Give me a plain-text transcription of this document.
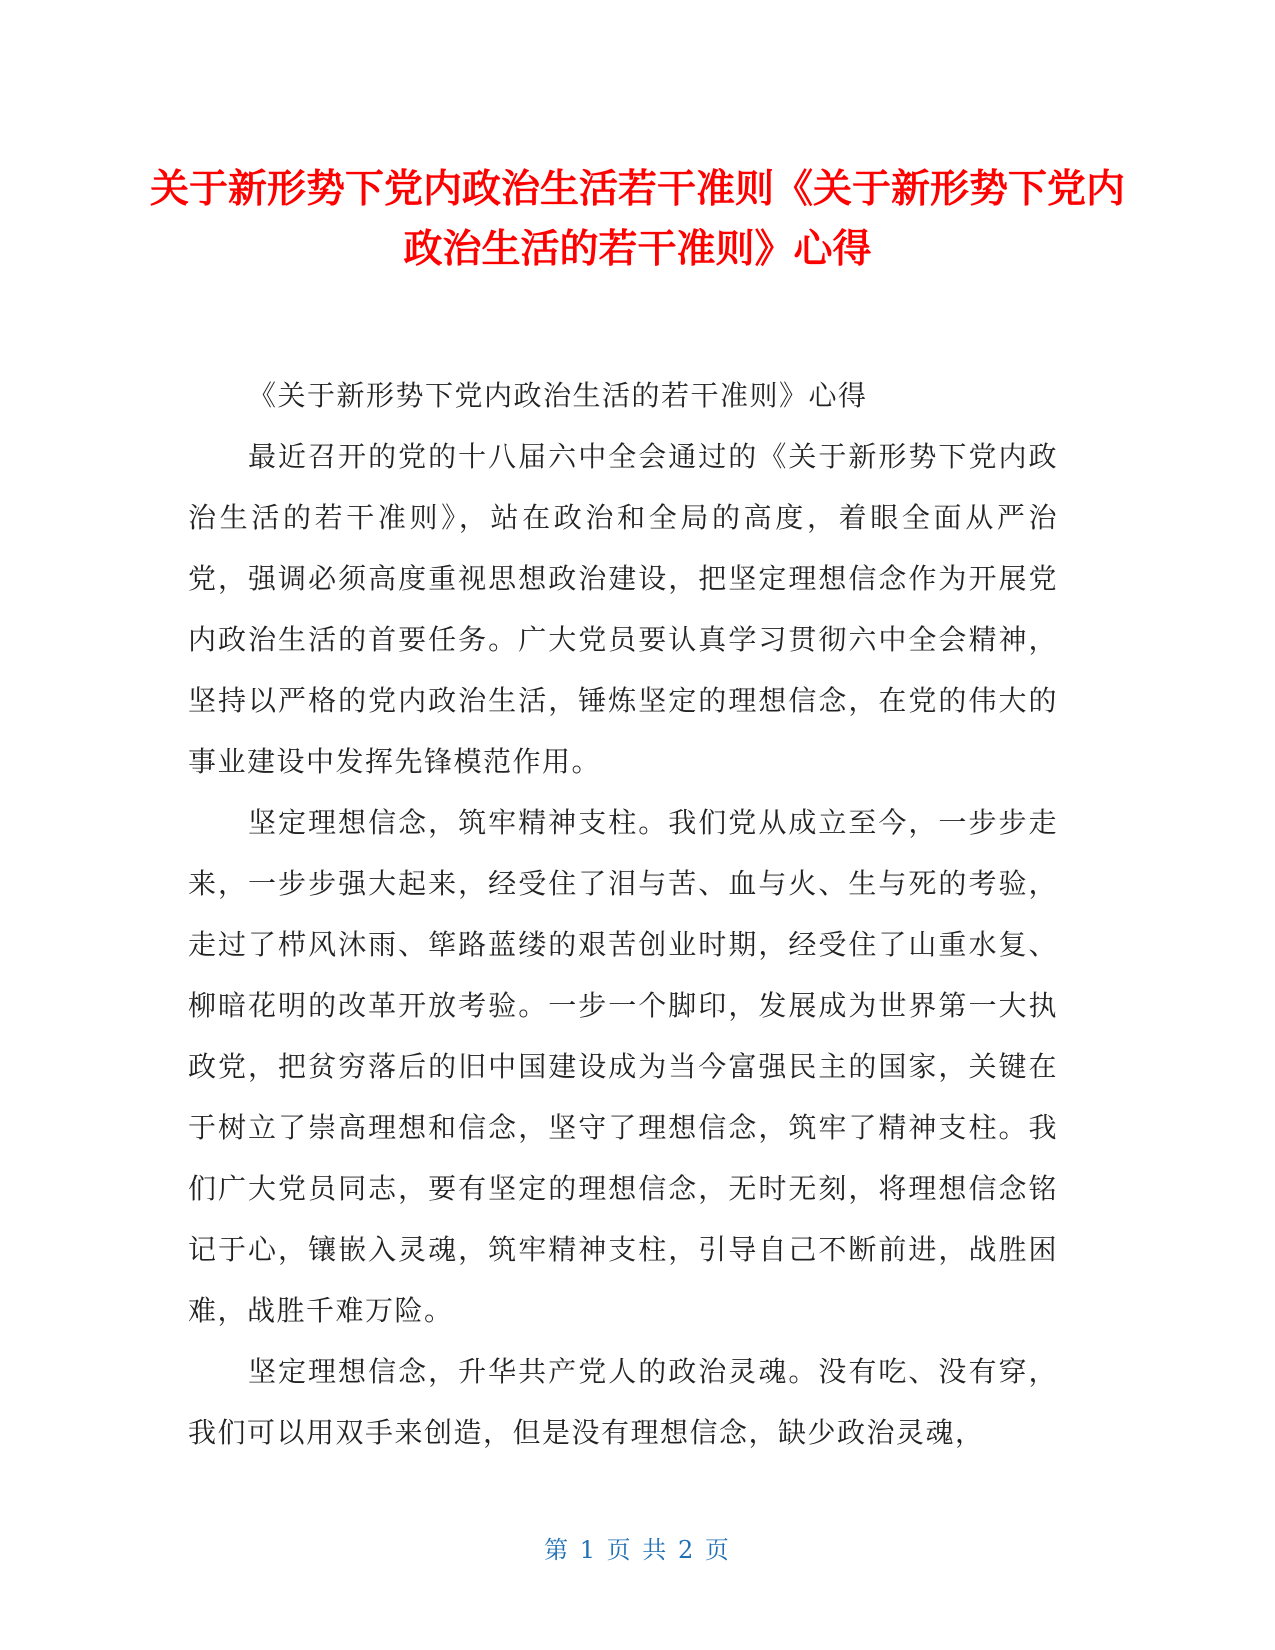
关于新形势下党内政治生活若干准则《关于新形势下党内政治生活的若干准则》心得

《关于新形势下党内政治生活的若干准则》心得

最近召开的党的十八届六中全会通过的《关于新形势下党内政治生活的若干准则》，站在政治和全局的高度，着眼全面从严治党，强调必须高度重视思想政治建设，把坚定理想信念作为开展党内政治生活的首要任务。广大党员要认真学习贯彻六中全会精神，坚持以严格的党内政治生活，锤炼坚定的理想信念，在党的伟大的事业建设中发挥先锋模范作用。

坚定理想信念，筑牢精神支柱。我们党从成立至今，一步步走来，一步步强大起来，经受住了泪与苦、血与火、生与死的考验，走过了栉风沐雨、筚路蓝缕的艰苦创业时期，经受住了山重水复、柳暗花明的改革开放考验。一步一个脚印，发展成为世界第一大执政党，把贫穷落后的旧中国建设成为当今富强民主的国家，关键在于树立了崇高理想和信念，坚守了理想信念，筑牢了精神支柱。我们广大党员同志，要有坚定的理想信念，无时无刻，将理想信念铭记于心，镶嵌入灵魂，筑牢精神支柱，引导自己不断前进，战胜困难，战胜千难万险。

坚定理想信念，升华共产党人的政治灵魂。没有吃、没有穿，我们可以用双手来创造，但是没有理想信念，缺少政治灵魂，

第 1 页 共 2 页
